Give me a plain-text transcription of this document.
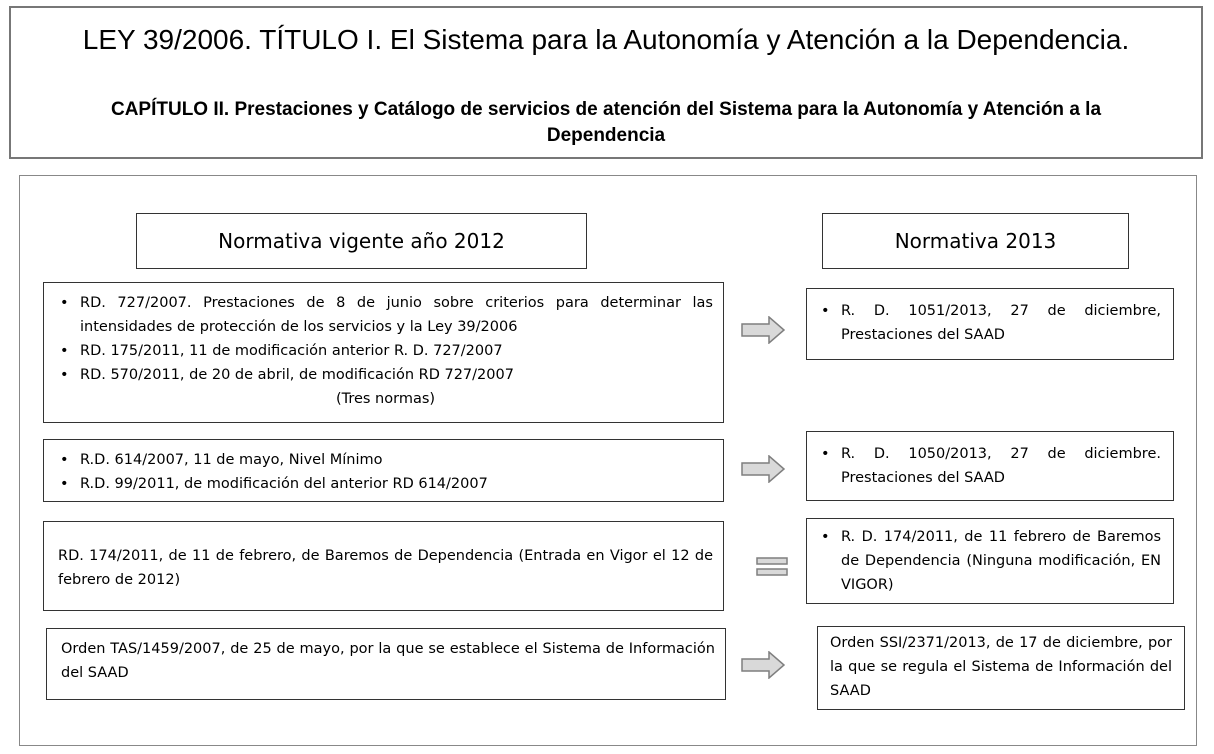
LEY 39/2006. TÍTULO I. El Sistema para la Autonomía y Atención a la Dependencia.
CAPÍTULO II. Prestaciones y Catálogo de servicios de atención del Sistema para la Autonomía y Atención a la Dependencia
Normativa vigente año 2012	Normativa 2013
• RD. 727/2007. Prestaciones de 8 de junio sobre criterios para determinar las intensidades de protección de los servicios y la Ley 39/2006
• RD. 175/2011, 11 de modificación anterior R. D. 727/2007
• RD. 570/2011, de 20 de abril, de modificación RD 727/2007
(Tres normas)
• R. D. 1051/2013, 27 de diciembre, Prestaciones del SAAD
• R.D. 614/2007, 11 de mayo, Nivel Mínimo
• R.D. 99/2011, de modificación del anterior RD 614/2007
• R. D. 1050/2013, 27 de diciembre. Prestaciones del SAAD
RD. 174/2011, de 11 de febrero, de Baremos de Dependencia (Entrada en Vigor el 12 de febrero de 2012)
• R. D. 174/2011, de 11 febrero de Baremos de Dependencia (Ninguna modificación, EN VIGOR)
Orden TAS/1459/2007, de 25 de mayo, por la que se establece el Sistema de Información del SAAD
Orden SSI/2371/2013, de 17 de diciembre, por la que se regula el Sistema de Información del SAAD
